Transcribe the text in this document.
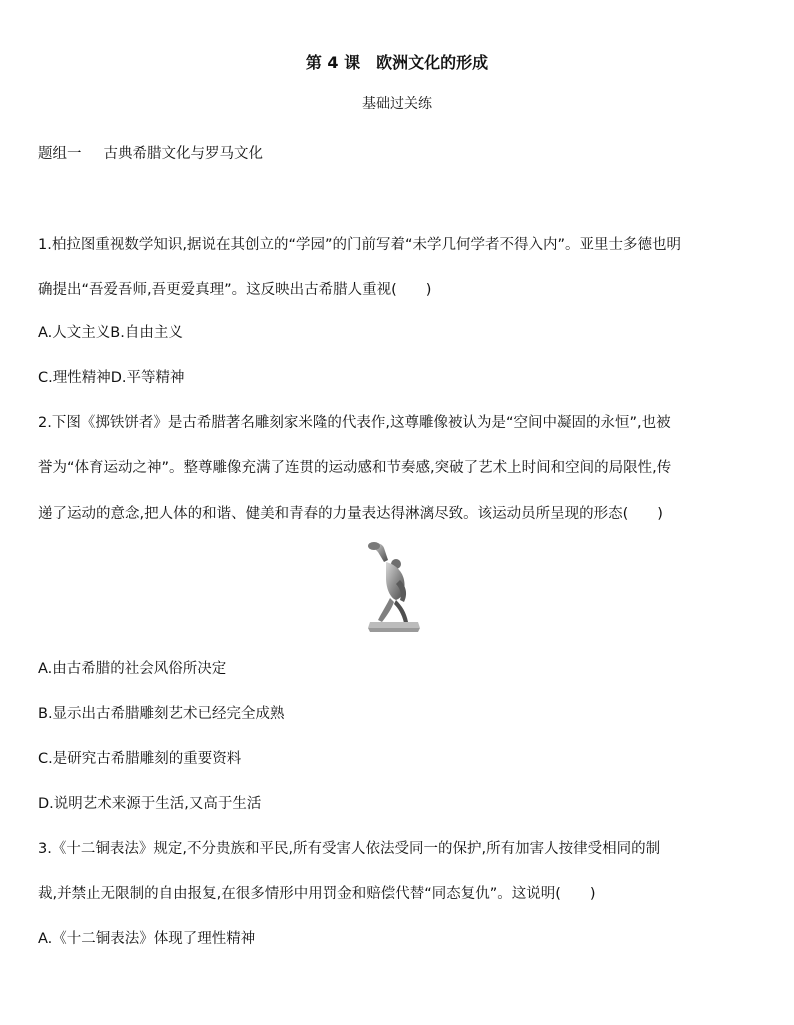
第 4 课　欧洲文化的形成
基础过关练
题组一 古典希腊文化与罗马文化
1.柏拉图重视数学知识,据说在其创立的“学园”的门前写着“未学几何学者不得入内”。亚里士多德也明
确提出“吾爱吾师,吾更爱真理”。这反映出古希腊人重视(　　)
A.人文主义B.自由主义
C.理性精神D.平等精神
2.下图《掷铁饼者》是古希腊著名雕刻家米隆的代表作,这尊雕像被认为是“空间中凝固的永恒”,也被
誉为“体育运动之神”。整尊雕像充满了连贯的运动感和节奏感,突破了艺术上时间和空间的局限性,传
递了运动的意念,把人体的和谐、健美和青春的力量表达得淋漓尽致。该运动员所呈现的形态(　　)
A.由古希腊的社会风俗所决定
B.显示出古希腊雕刻艺术已经完全成熟
C.是研究古希腊雕刻的重要资料
D.说明艺术来源于生活,又高于生活
3.《十二铜表法》规定,不分贵族和平民,所有受害人依法受同一的保护,所有加害人按律受相同的制
裁,并禁止无限制的自由报复,在很多情形中用罚金和赔偿代替“同态复仇”。这说明(　　)
A.《十二铜表法》体现了理性精神
